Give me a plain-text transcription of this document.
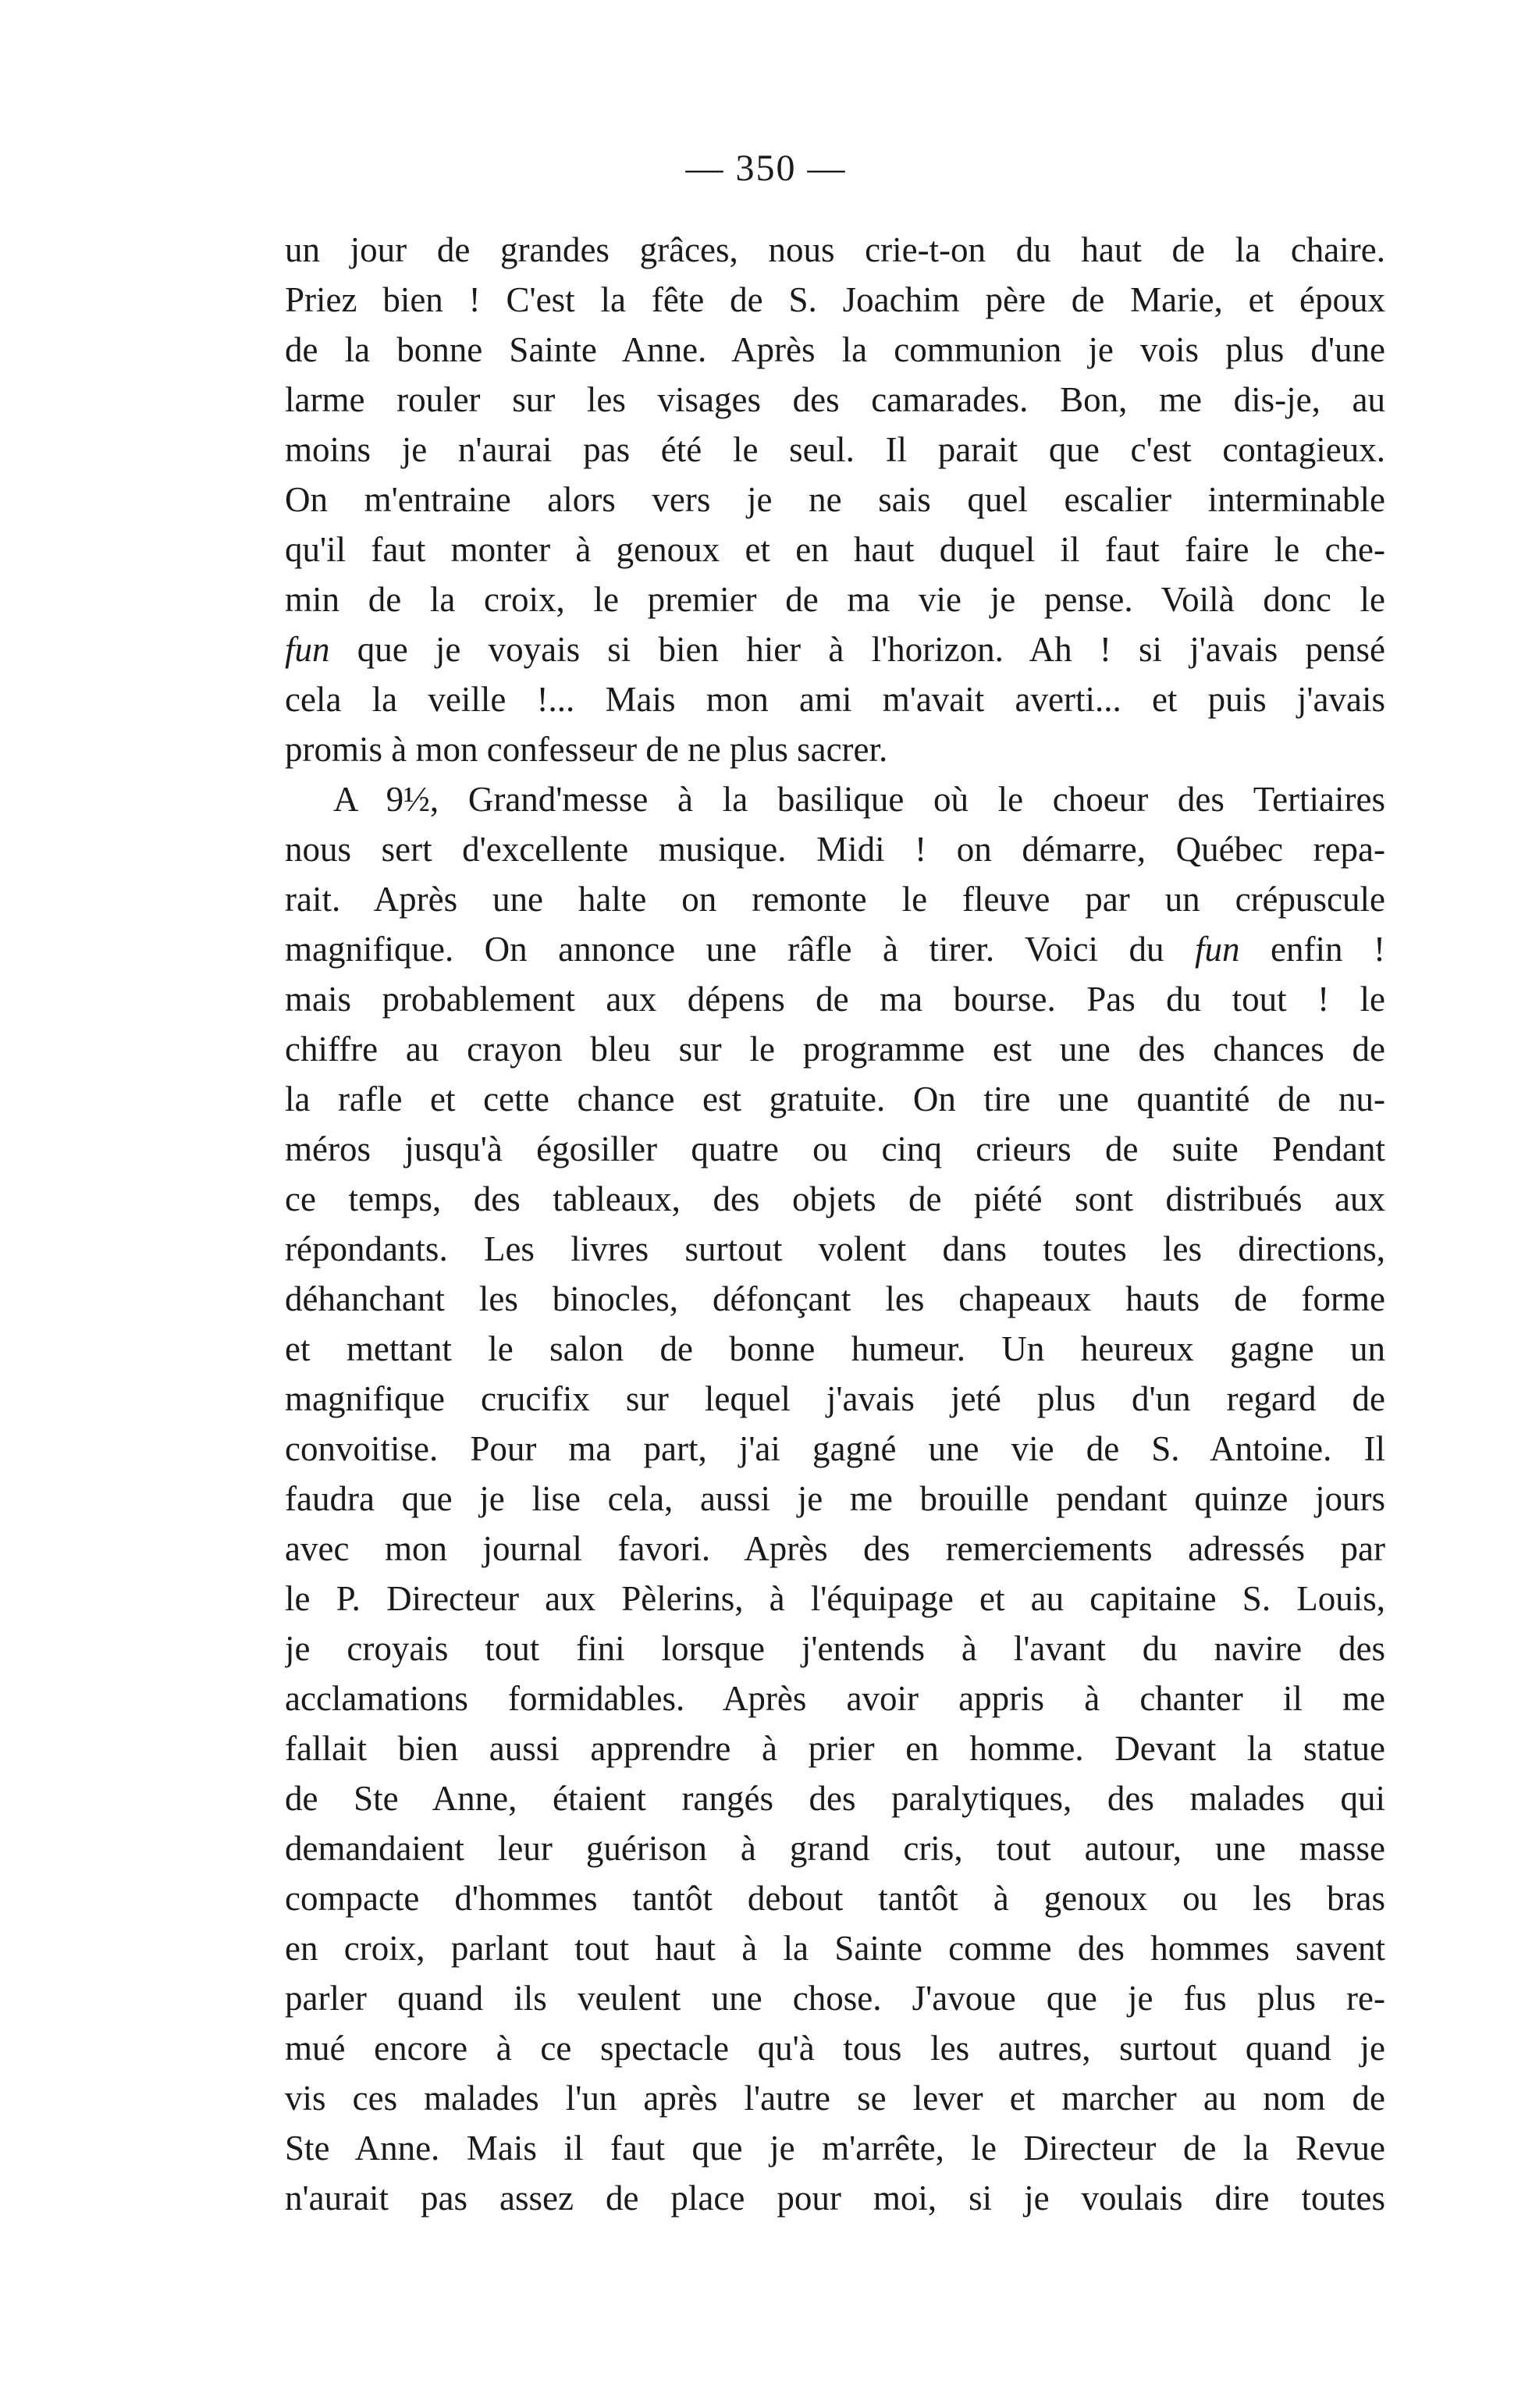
— 350 —
un jour de grandes grâces, nous crie-t-on du haut de la chaire.
Priez bien ! C'est la fête de S. Joachim père de Marie, et époux
de la bonne Sainte Anne. Après la communion je vois plus d'une
larme rouler sur les visages des camarades. Bon, me dis-je, au
moins je n'aurai pas été le seul. Il parait que c'est contagieux.
On m'entraine alors vers je ne sais quel escalier interminable
qu'il faut monter à genoux et en haut duquel il faut faire le che-
min de la croix, le premier de ma vie je pense. Voilà donc le
fun que je voyais si bien hier à l'horizon. Ah ! si j'avais pensé
cela la veille !... Mais mon ami m'avait averti... et puis j'avais
promis à mon confesseur de ne plus sacrer.
A 9½, Grand'messe à la basilique où le choeur des Tertiaires
nous sert d'excellente musique. Midi ! on démarre, Québec repa-
rait. Après une halte on remonte le fleuve par un crépuscule
magnifique. On annonce une râfle à tirer. Voici du fun enfin !
mais probablement aux dépens de ma bourse. Pas du tout ! le
chiffre au crayon bleu sur le programme est une des chances de
la rafle et cette chance est gratuite. On tire une quantité de nu-
méros jusqu'à égosiller quatre ou cinq crieurs de suite Pendant
ce temps, des tableaux, des objets de piété sont distribués aux
répondants. Les livres surtout volent dans toutes les directions,
déhanchant les binocles, défonçant les chapeaux hauts de forme
et mettant le salon de bonne humeur. Un heureux gagne un
magnifique crucifix sur lequel j'avais jeté plus d'un regard de
convoitise. Pour ma part, j'ai gagné une vie de S. Antoine. Il
faudra que je lise cela, aussi je me brouille pendant quinze jours
avec mon journal favori. Après des remerciements adressés par
le P. Directeur aux Pèlerins, à l'équipage et au capitaine S. Louis,
je croyais tout fini lorsque j'entends à l'avant du navire des
acclamations formidables. Après avoir appris à chanter il me
fallait bien aussi apprendre à prier en homme. Devant la statue
de Ste Anne, étaient rangés des paralytiques, des malades qui
demandaient leur guérison à grand cris, tout autour, une masse
compacte d'hommes tantôt debout tantôt à genoux ou les bras
en croix, parlant tout haut à la Sainte comme des hommes savent
parler quand ils veulent une chose. J'avoue que je fus plus re-
mué encore à ce spectacle qu'à tous les autres, surtout quand je
vis ces malades l'un après l'autre se lever et marcher au nom de
Ste Anne. Mais il faut que je m'arrête, le Directeur de la Revue
n'aurait pas assez de place pour moi, si je voulais dire toutes
